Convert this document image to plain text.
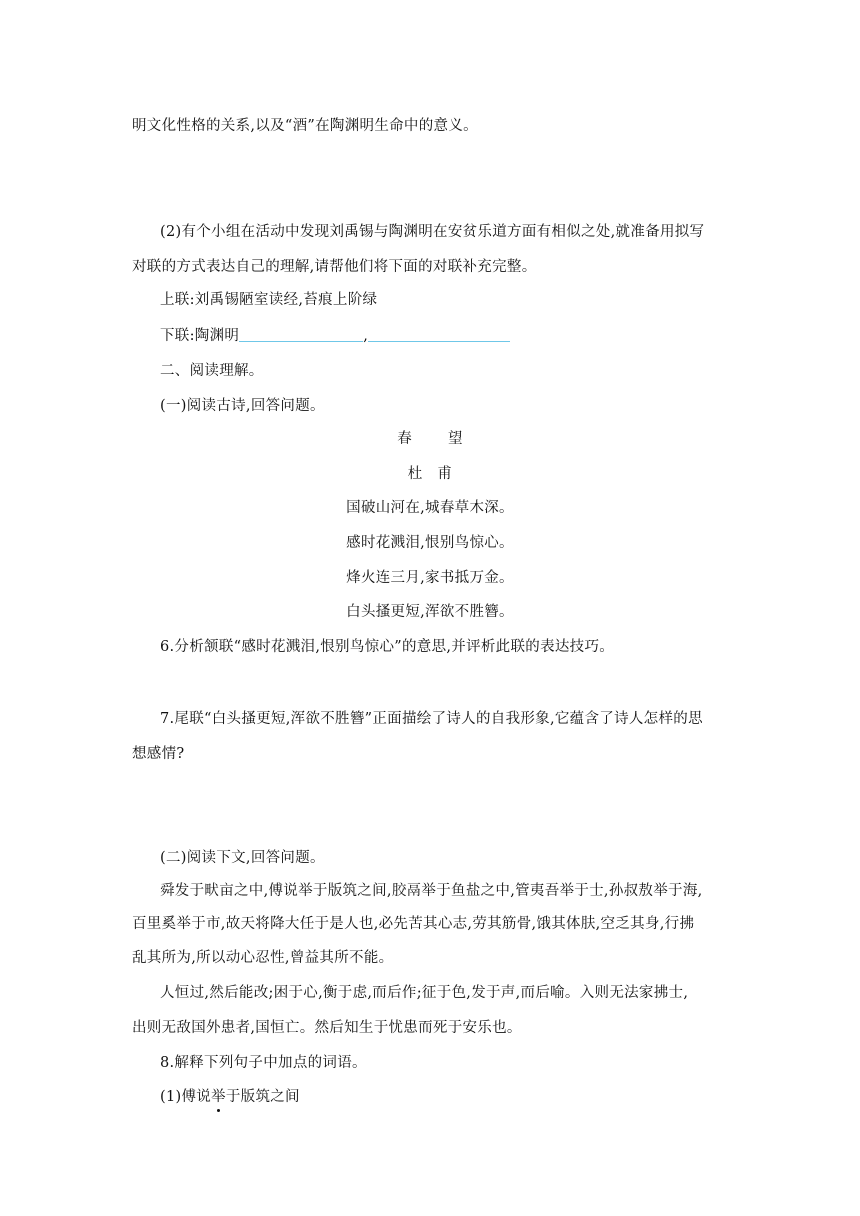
明文化性格的关系,以及“酒”在陶渊明生命中的意义。
(2)有个小组在活动中发现刘禹锡与陶渊明在安贫乐道方面有相似之处,就准备用拟写
对联的方式表达自己的理解,请帮他们将下面的对联补充完整。
上联:刘禹锡陋室读经,苔痕上阶绿
下联:陶渊明	,
二、阅读理解。
(一)阅读古诗,回答问题。
春 望
杜　甫
国破山河在,城春草木深。
感时花溅泪,恨别鸟惊心。
烽火连三月,家书抵万金。
白头搔更短,浑欲不胜簪。
6.分析颔联“感时花溅泪,恨别鸟惊心”的意思,并评析此联的表达技巧。
7.尾联“白头搔更短,浑欲不胜簪”正面描绘了诗人的自我形象,它蕴含了诗人怎样的思
想感情?
(二)阅读下文,回答问题。
舜发于畎亩之中,傅说举于版筑之间,胶鬲举于鱼盐之中,管夷吾举于士,孙叔敖举于海,
百里奚举于市,故天将降大任于是人也,必先苦其心志,劳其筋骨,饿其体肤,空乏其身,行拂
乱其所为,所以动心忍性,曾益其所不能。
人恒过,然后能改;困于心,衡于虑,而后作;征于色,发于声,而后喻。入则无法家拂士,
出则无敌国外患者,国恒亡。然后知生于忧患而死于安乐也。
8.解释下列句子中加点的词语。
(1)傅说举于版筑之间
